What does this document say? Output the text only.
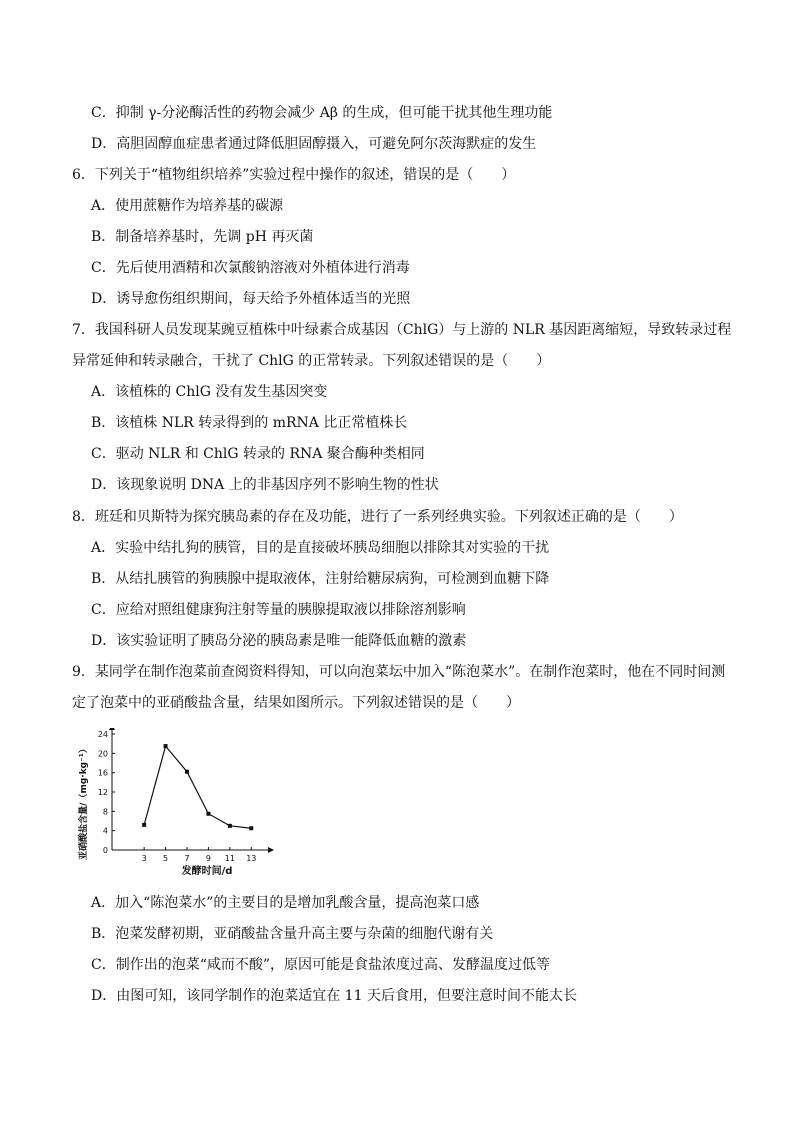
C．抑制 γ-分泌酶活性的药物会减少 Aβ 的生成，但可能干扰其他生理功能
D．高胆固醇血症患者通过降低胆固醇摄入，可避免阿尔茨海默症的发生
6．下列关于“植物组织培养”实验过程中操作的叙述，错误的是（　　）
A．使用蔗糖作为培养基的碳源
B．制备培养基时，先调 pH 再灭菌
C．先后使用酒精和次氯酸钠溶液对外植体进行消毒
D．诱导愈伤组织期间，每天给予外植体适当的光照
7．我国科研人员发现某豌豆植株中叶绿素合成基因（ChlG）与上游的 NLR 基因距离缩短，导致转录过程
异常延伸和转录融合，干扰了 ChlG 的正常转录。下列叙述错误的是（　　）
A．该植株的 ChlG 没有发生基因突变
B．该植株 NLR 转录得到的 mRNA 比正常植株长
C．驱动 NLR 和 ChlG 转录的 RNA 聚合酶种类相同
D．该现象说明 DNA 上的非基因序列不影响生物的性状
8．班廷和贝斯特为探究胰岛素的存在及功能，进行了一系列经典实验。下列叙述正确的是（　　）
A．实验中结扎狗的胰管，目的是直接破坏胰岛细胞以排除其对实验的干扰
B．从结扎胰管的狗胰腺中提取液体，注射给糖尿病狗，可检测到血糖下降
C．应给对照组健康狗注射等量的胰腺提取液以排除溶剂影响
D．该实验证明了胰岛分泌的胰岛素是唯一能降低血糖的激素
9．某同学在制作泡菜前查阅资料得知，可以向泡菜坛中加入“陈泡菜水”。在制作泡菜时，他在不同时间测
定了泡菜中的亚硝酸盐含量，结果如图所示。下列叙述错误的是（　　）
亚硝酸盐含量/（mg·kg⁻¹）
发酵时间/d
0
4
8
12
16
20
24
3 5 7 9 11 13
A．加入“陈泡菜水”的主要目的是增加乳酸含量，提高泡菜口感
B．泡菜发酵初期，亚硝酸盐含量升高主要与杂菌的细胞代谢有关
C．制作出的泡菜“咸而不酸”，原因可能是食盐浓度过高、发酵温度过低等
D．由图可知，该同学制作的泡菜适宜在 11 天后食用，但要注意时间不能太长
